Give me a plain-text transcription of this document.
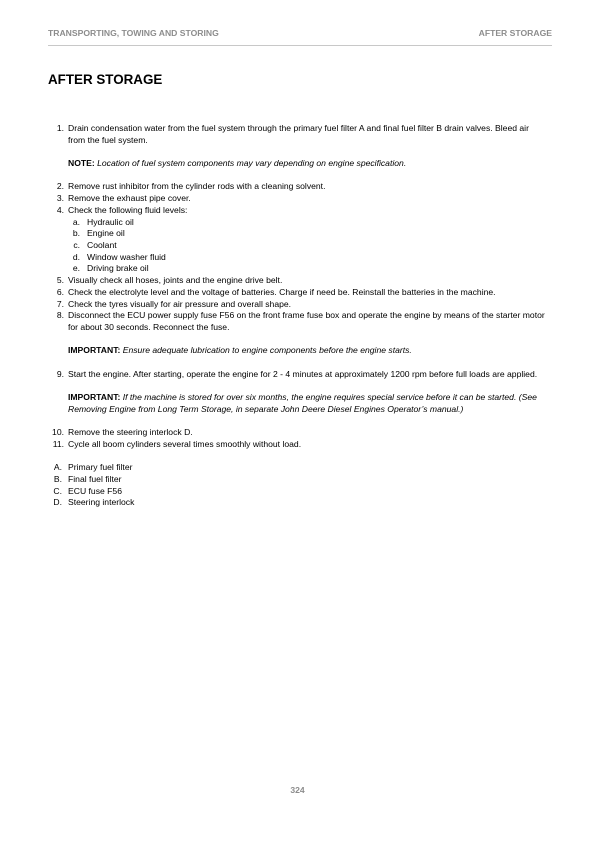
TRANSPORTING, TOWING AND STORING	AFTER STORAGE
AFTER STORAGE
1. Drain condensation water from the fuel system through the primary fuel filter A and final fuel filter B drain valves. Bleed air from the fuel system.
NOTE: Location of fuel system components may vary depending on engine specification.
2. Remove rust inhibitor from the cylinder rods with a cleaning solvent.
3. Remove the exhaust pipe cover.
4. Check the following fluid levels:
a. Hydraulic oil
b. Engine oil
c. Coolant
d. Window washer fluid
e. Driving brake oil
5. Visually check all hoses, joints and the engine drive belt.
6. Check the electrolyte level and the voltage of batteries. Charge if need be. Reinstall the batteries in the machine.
7. Check the tyres visually for air pressure and overall shape.
8. Disconnect the ECU power supply fuse F56 on the front frame fuse box and operate the engine by means of the starter motor for about 30 seconds. Reconnect the fuse.
IMPORTANT: Ensure adequate lubrication to engine components before the engine starts.
9. Start the engine. After starting, operate the engine for 2 - 4 minutes at approximately 1200 rpm before full loads are applied.
IMPORTANT: If the machine is stored for over six months, the engine requires special service before it can be started. (See Removing Engine from Long Term Storage, in separate John Deere Diesel Engines Operator’s manual.)
10. Remove the steering interlock D.
11. Cycle all boom cylinders several times smoothly without load.
A. Primary fuel filter
B. Final fuel filter
C. ECU fuse F56
D. Steering interlock
324
